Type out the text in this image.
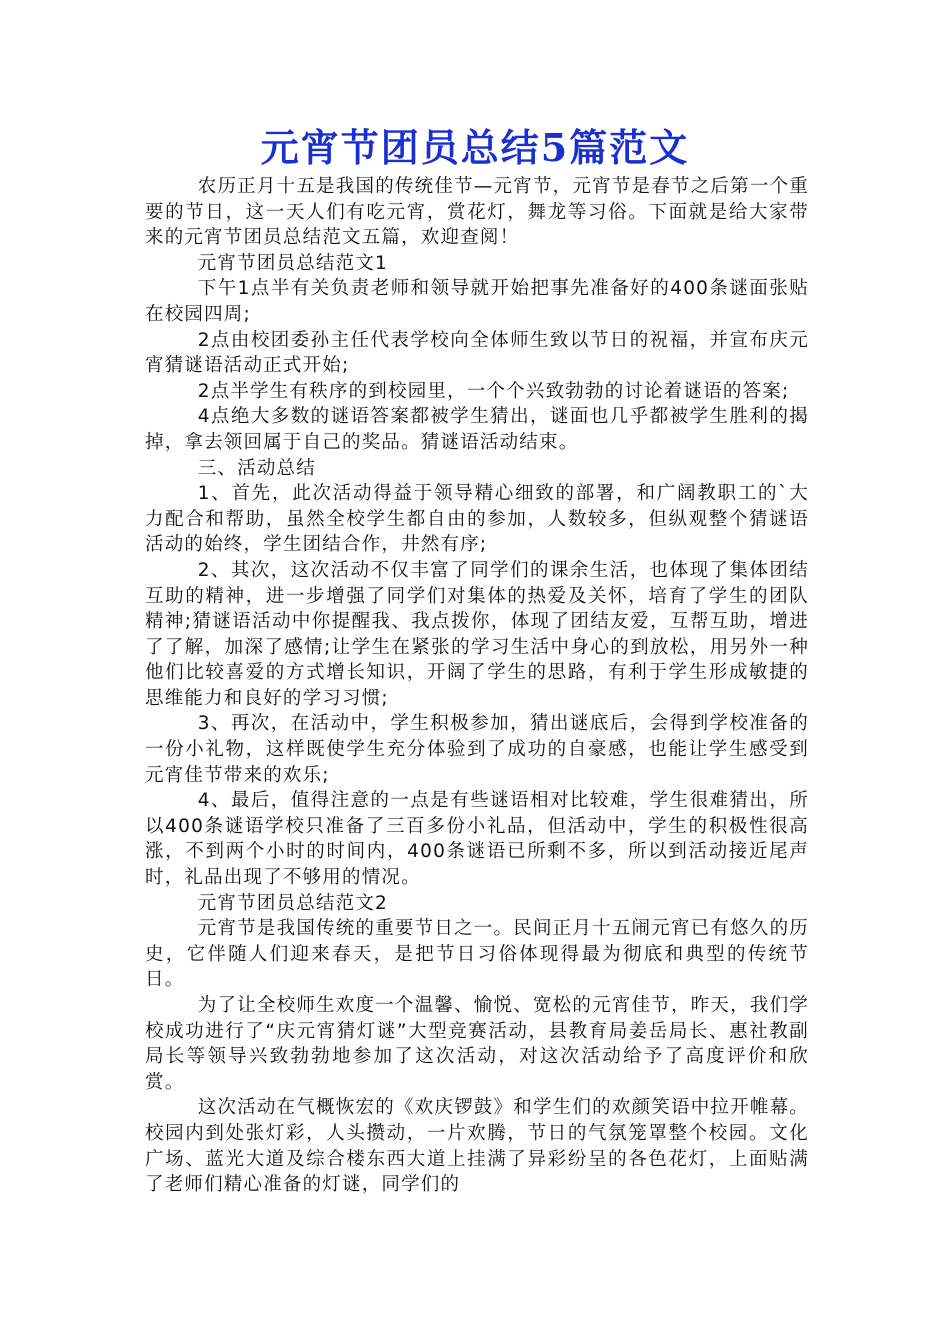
元宵节团员总结5篇范文

农历正月十五是我国的传统佳节—元宵节，元宵节是春节之后第一个重要的节日，这一天人们有吃元宵，赏花灯，舞龙等习俗。下面就是给大家带来的元宵节团员总结范文五篇，欢迎查阅！

元宵节团员总结范文1

下午1点半有关负责老师和领导就开始把事先准备好的400条谜面张贴在校园四周;

2点由校团委孙主任代表学校向全体师生致以节日的祝福，并宣布庆元宵猜谜语活动正式开始;

2点半学生有秩序的到校园里，一个个兴致勃勃的讨论着谜语的答案;

4点绝大多数的谜语答案都被学生猜出，谜面也几乎都被学生胜利的揭掉，拿去领回属于自己的奖品。猜谜语活动结束。

三、活动总结

1、首先，此次活动得益于领导精心细致的部署，和广阔教职工的`大力配合和帮助，虽然全校学生都自由的参加，人数较多，但纵观整个猜谜语活动的始终，学生团结合作，井然有序;

2、其次，这次活动不仅丰富了同学们的课余生活，也体现了集体团结互助的精神，进一步增强了同学们对集体的热爱及关怀，培育了学生的团队精神;猜谜语活动中你提醒我、我点拨你，体现了团结友爱，互帮互助，增进了了解，加深了感情;让学生在紧张的学习生活中身心的到放松，用另外一种他们比较喜爱的方式增长知识，开阔了学生的思路，有利于学生形成敏捷的思维能力和良好的学习习惯;

3、再次，在活动中，学生积极参加，猜出谜底后，会得到学校准备的一份小礼物，这样既使学生充分体验到了成功的自豪感，也能让学生感受到元宵佳节带来的欢乐;

4、最后，值得注意的一点是有些谜语相对比较难，学生很难猜出，所以400条谜语学校只准备了三百多份小礼品，但活动中，学生的积极性很高涨，不到两个小时的时间内，400条谜语已所剩不多，所以到活动接近尾声时，礼品出现了不够用的情况。

元宵节团员总结范文2

元宵节是我国传统的重要节日之一。民间正月十五闹元宵已有悠久的历史，它伴随人们迎来春天，是把节日习俗体现得最为彻底和典型的传统节日。

为了让全校师生欢度一个温馨、愉悦、宽松的元宵佳节，昨天，我们学校成功进行了“庆元宵猜灯谜”大型竞赛活动，县教育局姜岳局长、惠社教副局长等领导兴致勃勃地参加了这次活动，对这次活动给予了高度评价和欣赏。

这次活动在气概恢宏的《欢庆锣鼓》和学生们的欢颜笑语中拉开帷幕。校园内到处张灯彩，人头攒动，一片欢腾，节日的气氛笼罩整个校园。文化广场、蓝光大道及综合楼东西大道上挂满了异彩纷呈的各色花灯，上面贴满了老师们精心准备的灯谜，同学们的
